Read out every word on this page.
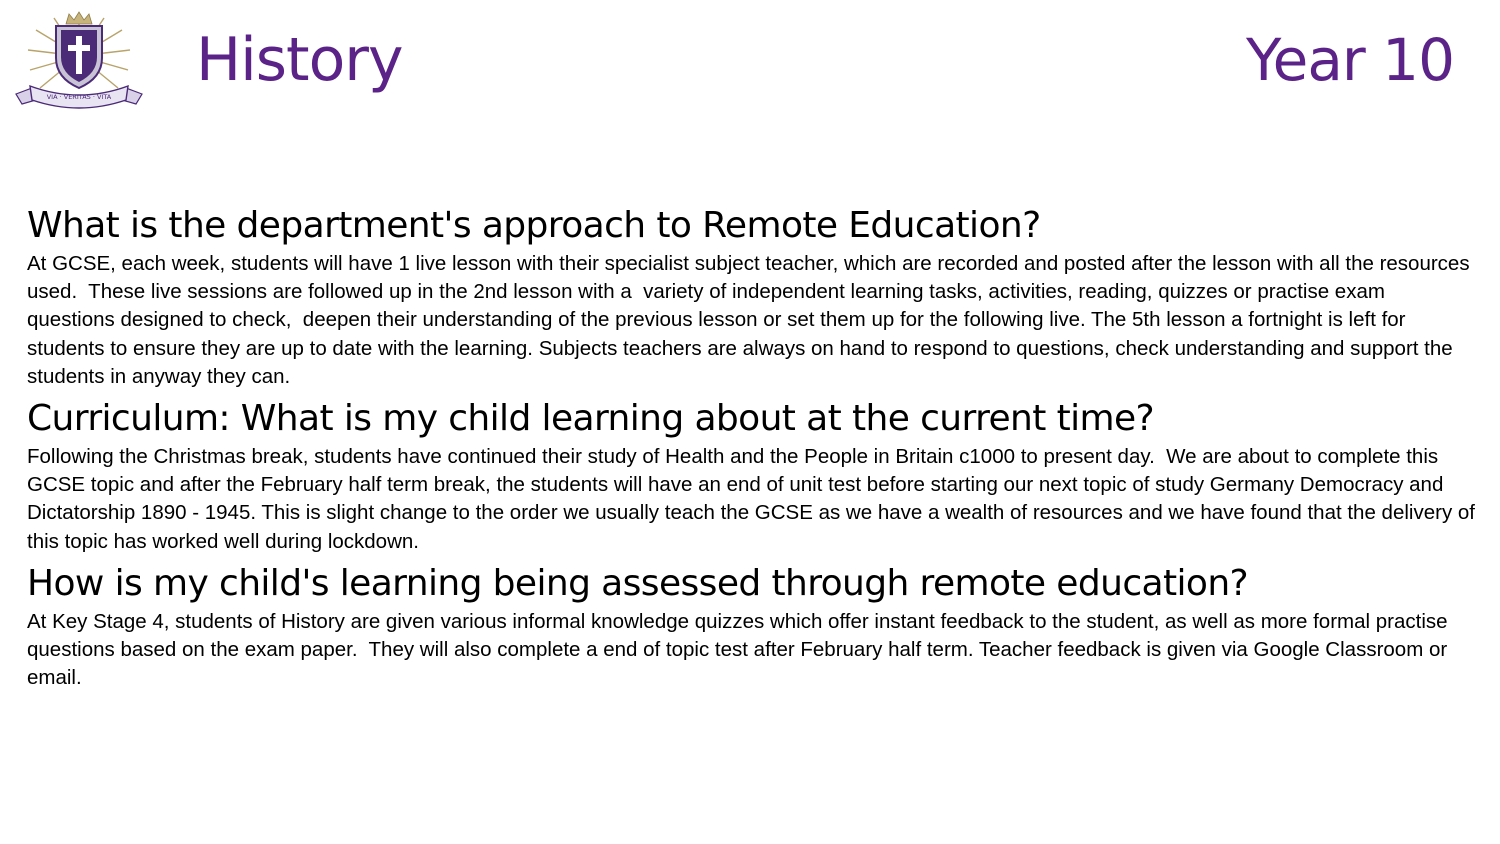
VIA · VERITAS · VITA
History	Year 10
What is the department's approach to Remote Education?

At GCSE, each week, students will have 1 live lesson with their specialist subject teacher, which are recorded and posted after the lesson with all the resources used.  These live sessions are followed up in the 2nd lesson with a  variety of independent learning tasks, activities, reading, quizzes or practise exam questions designed to check,  deepen their understanding of the previous lesson or set them up for the following live. The 5th lesson a fortnight is left for students to ensure they are up to date with the learning. Subjects teachers are always on hand to respond to questions, check understanding and support the students in anyway they can.

Curriculum: What is my child learning about at the current time?

Following the Christmas break, students have continued their study of Health and the People in Britain c1000 to present day.  We are about to complete this GCSE topic and after the February half term break, the students will have an end of unit test before starting our next topic of study Germany Democracy and Dictatorship 1890 - 1945. This is slight change to the order we usually teach the GCSE as we have a wealth of resources and we have found that the delivery of this topic has worked well during lockdown.

How is my child's learning being assessed through remote education?

At Key Stage 4, students of History are given various informal knowledge quizzes which offer instant feedback to the student, as well as more formal practise questions based on the exam paper.  They will also complete a end of topic test after February half term. Teacher feedback is given via Google Classroom or email.
